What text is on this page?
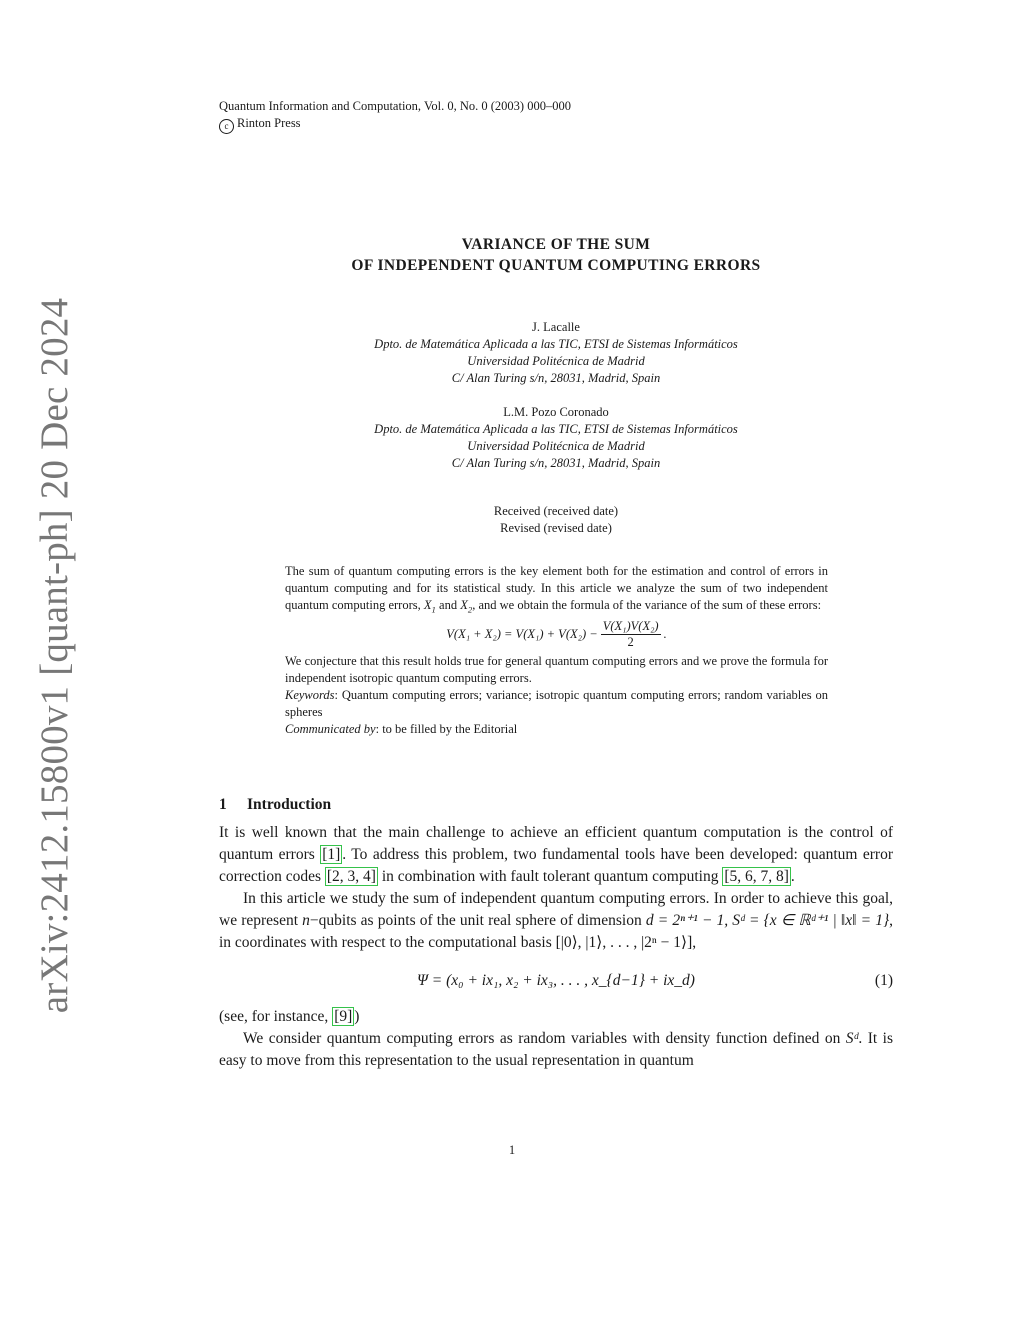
arXiv:2412.15800v1 [quant-ph] 20 Dec 2024
Quantum Information and Computation, Vol. 0, No. 0 (2003) 000–000
c Rinton Press
VARIANCE OF THE SUM
OF INDEPENDENT QUANTUM COMPUTING ERRORS
J. Lacalle
Dpto. de Matemática Aplicada a las TIC, ETSI de Sistemas Informáticos
Universidad Politécnica de Madrid
C/ Alan Turing s/n, 28031, Madrid, Spain
L.M. Pozo Coronado
Dpto. de Matemática Aplicada a las TIC, ETSI de Sistemas Informáticos
Universidad Politécnica de Madrid
C/ Alan Turing s/n, 28031, Madrid, Spain
Received (received date)
Revised (revised date)

The sum of quantum computing errors is the key element both for the estimation and control of errors in quantum computing and for its statistical study. In this article we analyze the sum of two independent quantum computing errors, $X_1$ and $X_2$, and we obtain the formula of the variance of the sum of these errors:

$V(X_1 + X_2) = V(X_1) + V(X_2) - \frac{\text{V(X₁)V(X₂)}}{2}$ .

We conjecture that this result holds true for general quantum computing errors and we prove the formula for independent isotropic quantum computing errors.

Keywords: Quantum computing errors; variance; isotropic quantum computing errors; random variables on spheres

Communicated by: to be filled by the Editorial

1 Introduction

It is well known that the main challenge to achieve an efficient quantum computation is the control of quantum errors [1] . To address this problem, two fundamental tools have been developed: quantum error correction codes [2, 3, 4] in combination with fault tolerant quantum computing [5, 6, 7, 8] .

In this article we study the sum of independent quantum computing errors. In order to achieve this goal, we represent n−qubits as points of the unit real sphere of dimension d = 2ⁿ⁺¹ − 1, Sᵈ = {x ∈ ℝᵈ⁺¹ | ‖x‖ = 1}, in coordinates with respect to the computational basis [|0⟩, |1⟩, . . . , |2ⁿ − 1⟩],

Ψ = (x₀ + ix₁, x₂ + ix₃, . . . , x_{d−1} + ix_d)	(1)

(see, for instance, [9] )

We consider quantum computing errors as random variables with density function defined on Sᵈ. It is easy to move from this representation to the usual representation in quantum

1
